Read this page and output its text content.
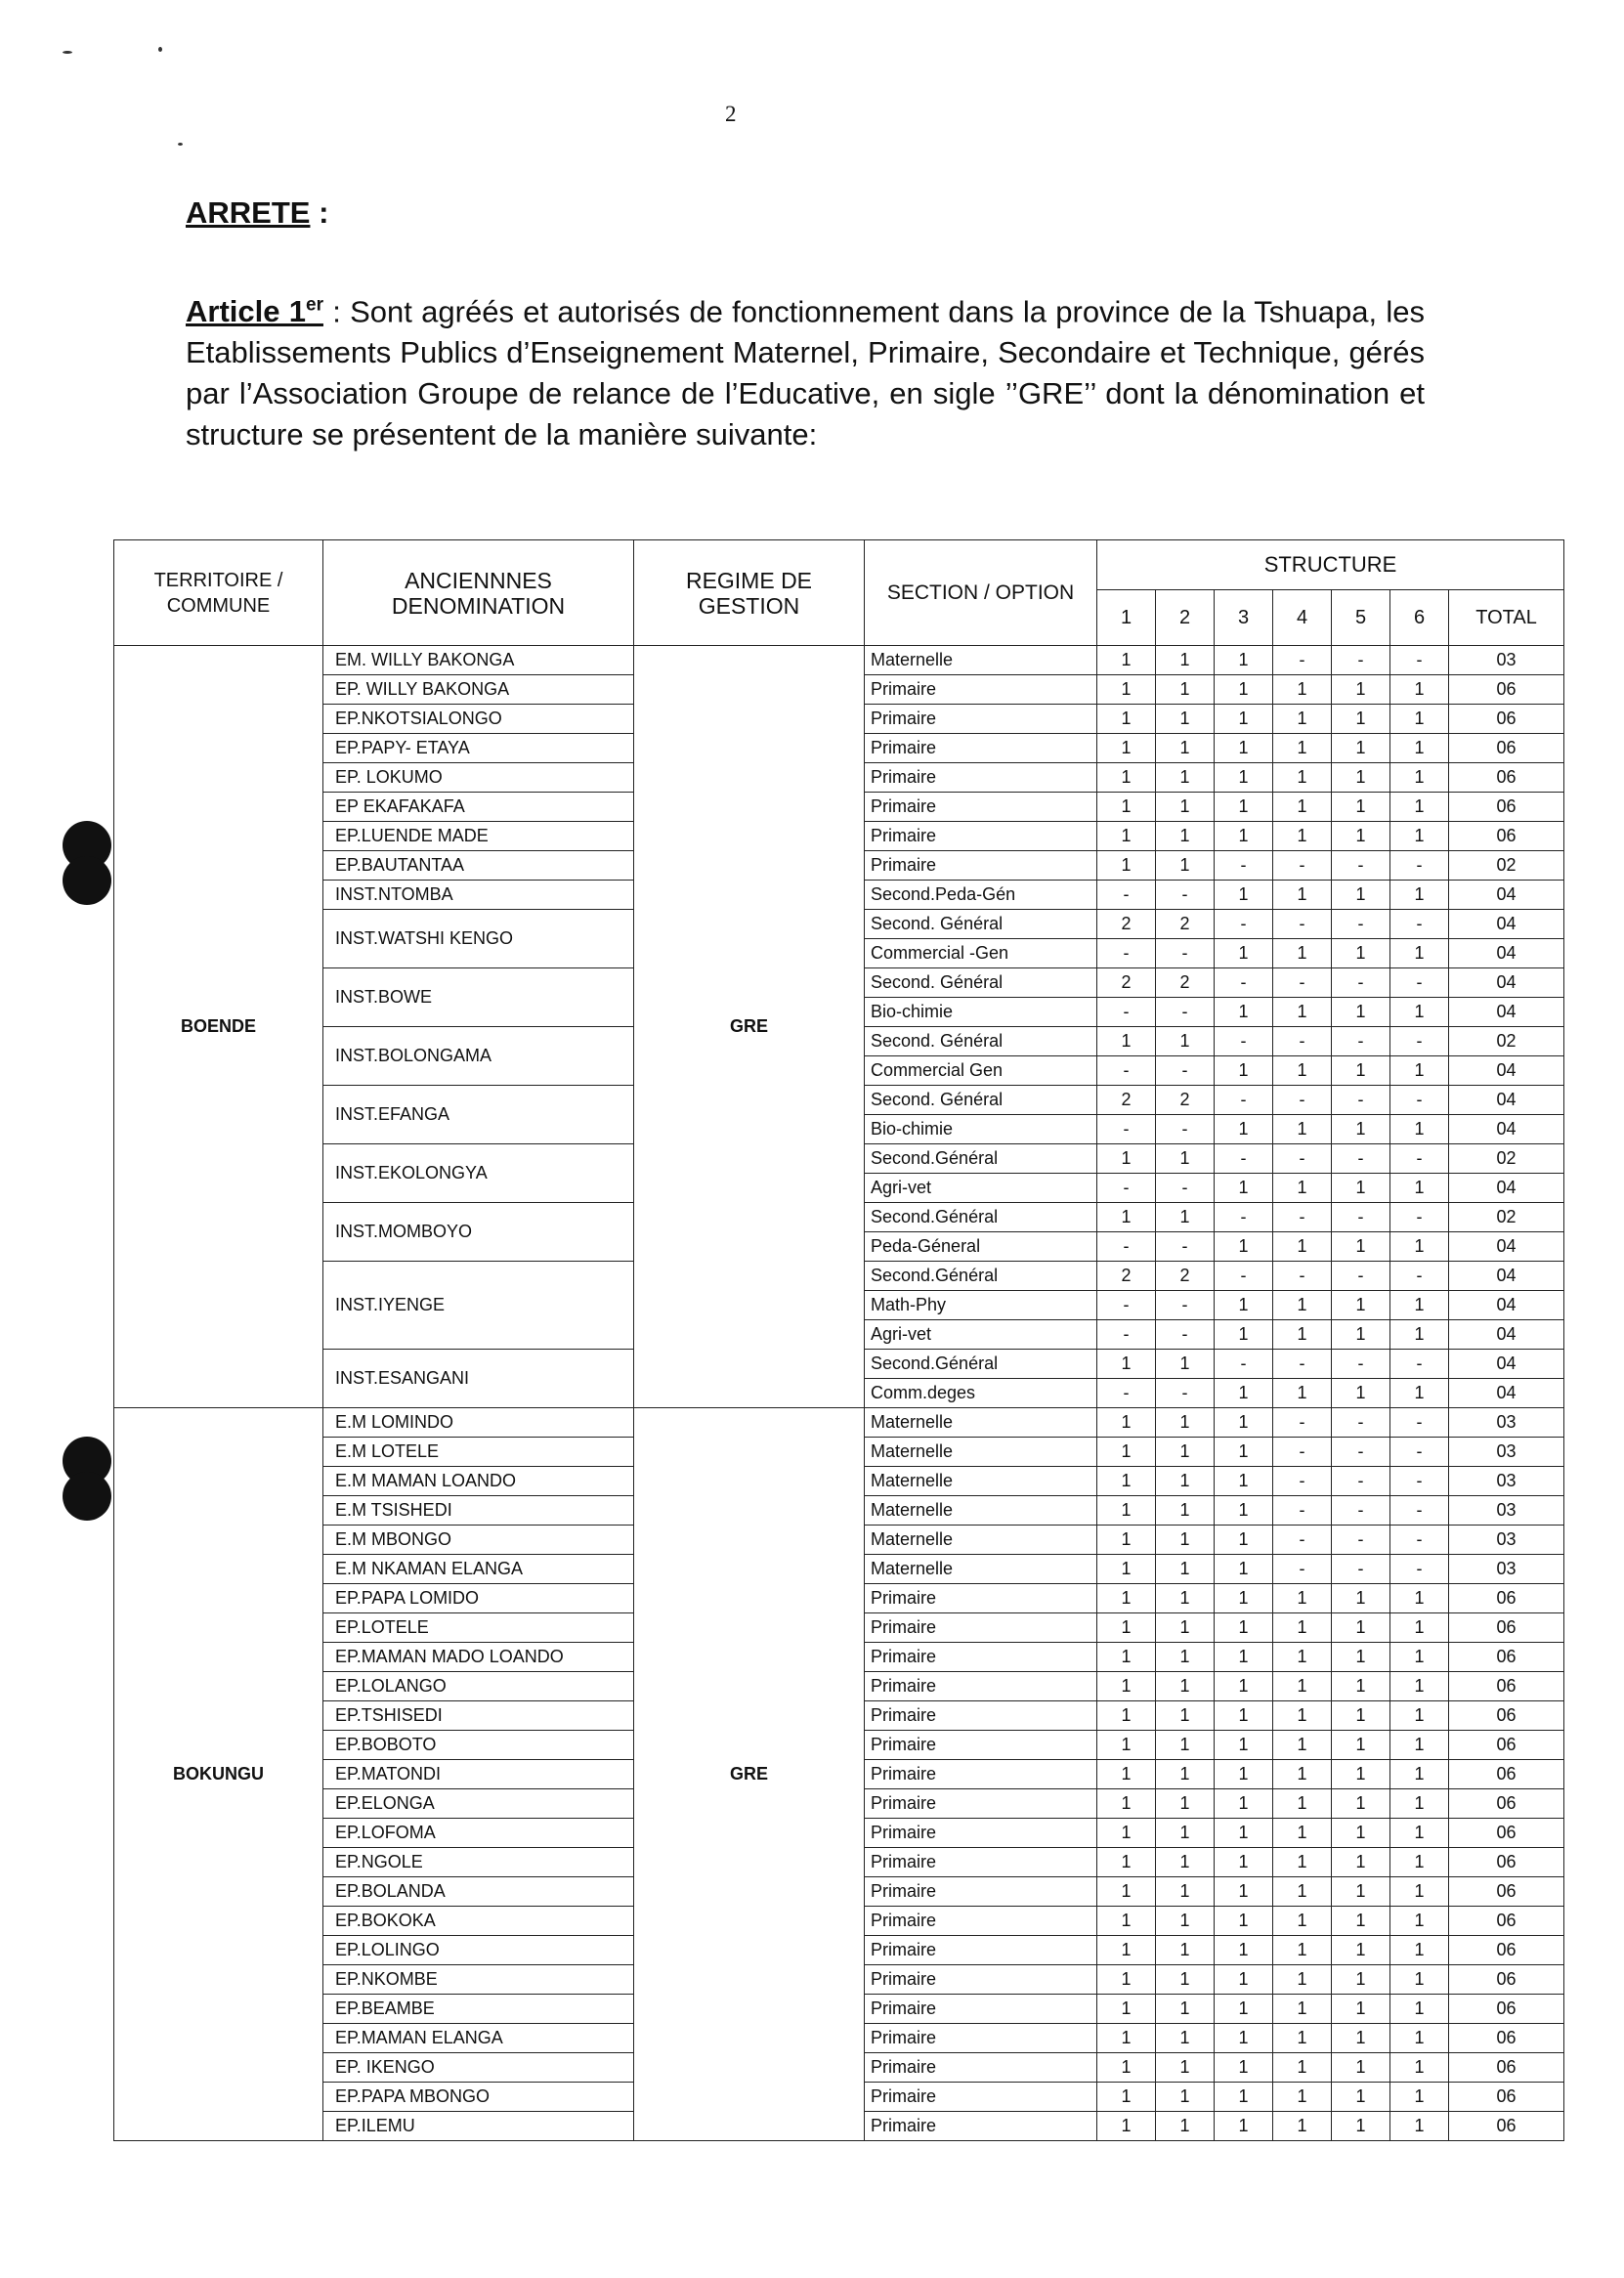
2
ARRETE :
Article 1er : Sont agréés et autorisés de fonctionnement dans la province de la Tshuapa, les Etablissements Publics d’Enseignement Maternel, Primaire, Secondaire et Technique, gérés par l’Association Groupe de relance de l’Educative, en sigle ’’GRE’’ dont la dénomination et structure se présentent de la manière suivante:
TERRITOIRE / COMMUNE	ANCIENNNES DENOMINATION	REGIME DE GESTION	SECTION / OPTION	STRUCTURE						
				1	2	3	4	5	6	TOTAL
BOENDE	EM. WILLY BAKONGA	GRE	Maternelle	1	1	1	-	-	-	03
	EP. WILLY BAKONGA		Primaire	1	1	1	1	1	1	06
	EP.NKOTSIALONGO		Primaire	1	1	1	1	1	1	06
	EP.PAPY- ETAYA		Primaire	1	1	1	1	1	1	06
	EP. LOKUMO		Primaire	1	1	1	1	1	1	06
	EP EKAFAKAFA		Primaire	1	1	1	1	1	1	06
	EP.LUENDE MADE		Primaire	1	1	1	1	1	1	06
	EP.BAUTANTAA		Primaire	1	1	-	-	-	-	02
	INST.NTOMBA		Second.Peda-Gén	-	-	1	1	1	1	04
	INST.WATSHI KENGO		Second. Général	2	2	-	-	-	-	04
			Commercial -Gen	-	-	1	1	1	1	04
	INST.BOWE		Second. Général	2	2	-	-	-	-	04
			Bio-chimie	-	-	1	1	1	1	04
	INST.BOLONGAMA		Second. Général	1	1	-	-	-	-	02
			Commercial Gen	-	-	1	1	1	1	04
	INST.EFANGA		Second. Général	2	2	-	-	-	-	04
			Bio-chimie	-	-	1	1	1	1	04
	INST.EKOLONGYA		Second.Général	1	1	-	-	-	-	02
			Agri-vet	-	-	1	1	1	1	04
	INST.MOMBOYO		Second.Général	1	1	-	-	-	-	02
			Peda-Géneral	-	-	1	1	1	1	04
	INST.IYENGE		Second.Général	2	2	-	-	-	-	04
			Math-Phy	-	-	1	1	1	1	04
			Agri-vet	-	-	1	1	1	1	04
	INST.ESANGANI		Second.Général	1	1	-	-	-	-	04
			Comm.deges	-	-	1	1	1	1	04
BOKUNGU	E.M LOMINDO	GRE	Maternelle	1	1	1	-	-	-	03
	E.M LOTELE		Maternelle	1	1	1	-	-	-	03
	E.M MAMAN LOANDO		Maternelle	1	1	1	-	-	-	03
	E.M TSISHEDI		Maternelle	1	1	1	-	-	-	03
	E.M MBONGO		Maternelle	1	1	1	-	-	-	03
	E.M NKAMAN ELANGA		Maternelle	1	1	1	-	-	-	03
	EP.PAPA LOMIDO		Primaire	1	1	1	1	1	1	06
	EP.LOTELE		Primaire	1	1	1	1	1	1	06
	EP.MAMAN MADO LOANDO		Primaire	1	1	1	1	1	1	06
	EP.LOLANGO		Primaire	1	1	1	1	1	1	06
	EP.TSHISEDI		Primaire	1	1	1	1	1	1	06
	EP.BOBOTO		Primaire	1	1	1	1	1	1	06
	EP.MATONDI		Primaire	1	1	1	1	1	1	06
	EP.ELONGA		Primaire	1	1	1	1	1	1	06
	EP.LOFOMA		Primaire	1	1	1	1	1	1	06
	EP.NGOLE		Primaire	1	1	1	1	1	1	06
	EP.BOLANDA		Primaire	1	1	1	1	1	1	06
	EP.BOKOKA		Primaire	1	1	1	1	1	1	06
	EP.LOLINGO		Primaire	1	1	1	1	1	1	06
	EP.NKOMBE		Primaire	1	1	1	1	1	1	06
	EP.BEAMBE		Primaire	1	1	1	1	1	1	06
	EP.MAMAN ELANGA		Primaire	1	1	1	1	1	1	06
	EP. IKENGO		Primaire	1	1	1	1	1	1	06
	EP.PAPA MBONGO		Primaire	1	1	1	1	1	1	06
	EP.ILEMU		Primaire	1	1	1	1	1	1	06
